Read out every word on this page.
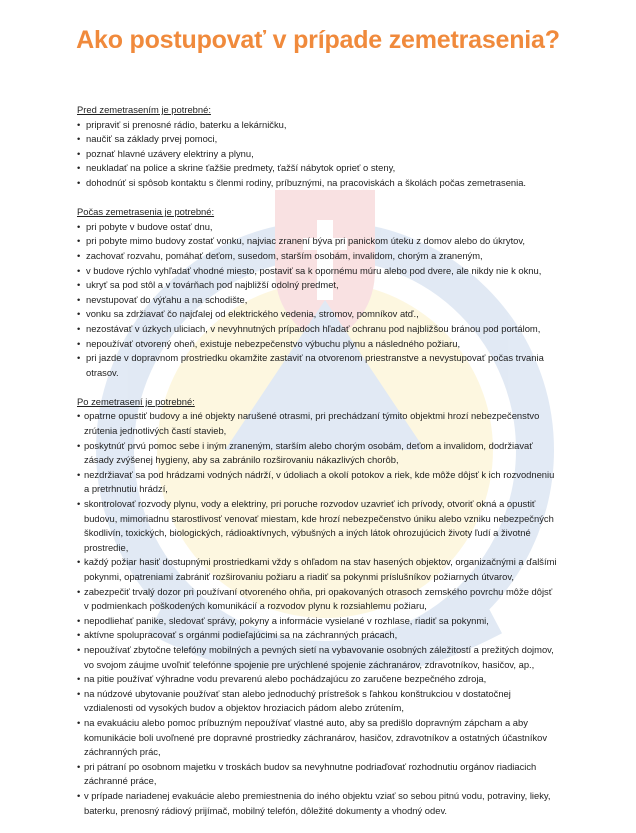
Ako postupovať v prípade zemetrasenia?
Pred zemetrasením je potrebné:
• pripraviť si prenosné rádio, baterku a lekárničku,
• naučiť sa základy prvej pomoci,
• poznať hlavné uzávery elektriny a plynu,
• neukladať na police a skrine ťažšie predmety, ťažší nábytok oprieť o steny,
• dohodnúť si spôsob kontaktu s členmi rodiny, príbuznými, na pracoviskách a školách počas zemetrasenia.
Počas zemetrasenia je potrebné:
• pri pobyte v budove ostať dnu,
• pri pobyte mimo budovy zostať vonku, najviac zranení býva pri panickom úteku z domov alebo do úkrytov,
• zachovať rozvahu, pomáhať deťom, susedom, starším osobám, invalidom, chorým a zraneným,
• v budove rýchlo vyhľadať vhodné miesto, postaviť sa k opornému múru alebo pod dvere, ale nikdy nie k oknu,
• ukryť sa pod stôl a v továrňach pod najbližší odolný predmet,
• nevstupovať do výťahu a na schodište,
• vonku sa zdržiavať čo najďalej od elektrického vedenia, stromov, pomníkov atď.,
• nezostávať v úzkych uliciach, v nevyhnutných prípadoch hľadať ochranu pod najbližšou bránou pod portálom,
• nepoužívať otvorený oheň, existuje nebezpečenstvo výbuchu plynu a následného požiaru,
• pri jazde v dopravnom prostriedku okamžite zastaviť na otvorenom priestranstve a nevystupovať počas trvania otrasov.
Po zemetrasení je potrebné:
• opatrne opustiť budovy a iné objekty narušené otrasmi, pri prechádzaní týmito objektmi hrozí nebezpečenstvo zrútenia jednotlivých častí stavieb,
• poskytnúť prvú pomoc sebe i iným zraneným, starším alebo chorým osobám, deťom a invalidom, dodržiavať zásady zvýšenej hygieny, aby sa zabránilo rozširovaniu nákazlivých chorôb,
• nezdržiavať sa pod hrádzami vodných nádrží, v údoliach a okolí potokov a riek, kde môže dôjsť k ich rozvodneniu a pretrhnutiu hrádzí,
• skontrolovať rozvody plynu, vody a elektriny, pri poruche rozvodov uzavrieť ich prívody, otvoriť okná a opustiť budovu, mimoriadnu starostlivosť venovať miestam, kde hrozí nebezpečenstvo úniku alebo vzniku nebezpečných škodlivín, toxických, biologických, rádioaktívnych, výbušných a iných látok ohrozujúcich životy ľudí a životné prostredie,
• každý požiar hasiť dostupnými prostriedkami vždy s ohľadom na stav hasených objektov, organizačnými a ďalšími pokynmi, opatreniami zabrániť rozširovaniu požiaru a riadiť sa pokynmi príslušníkov požiarnych útvarov,
• zabezpečiť trvalý dozor pri používaní otvoreného ohňa, pri opakovaných otrasoch zemského povrchu môže dôjsť v podmienkach poškodených komunikácií a rozvodov plynu k rozsiahlemu požiaru,
• nepodliehať panike, sledovať správy, pokyny a informácie vysielané v rozhlase, riadiť sa pokynmi,
• aktívne spolupracovať s orgánmi podieľajúcimi sa na záchranných prácach,
• nepoužívať zbytočne telefóny mobilných a pevných sietí na vybavovanie osobných záležitostí a prežitých dojmov, vo svojom záujme uvoľniť telefónne spojenie pre urýchlené spojenie záchranárov, zdravotníkov, hasičov, ap.,
• na pitie používať výhradne vodu prevarenú alebo pochádzajúcu zo zaručene bezpečného zdroja,
• na núdzové ubytovanie používať stan alebo jednoduchý prístrešok s ľahkou konštrukciou v dostatočnej vzdialenosti od vysokých budov a objektov hroziacich pádom alebo zrútením,
• na evakuáciu alebo pomoc príbuzným nepoužívať vlastné auto, aby sa predišlo dopravným zápcham a aby komunikácie boli uvoľnené pre dopravné prostriedky záchranárov, hasičov, zdravotníkov a ostatných účastníkov záchranných prác,
• pri pátraní po osobnom majetku v troskách budov sa nevyhnutne podriaďovať rozhodnutiu orgánov riadiacich záchranné práce,
• v prípade nariadenej evakuácie alebo premiestnenia do iného objektu vziať so sebou pitnú vodu, potraviny, lieky, baterku, prenosný rádiový prijímač, mobilný telefón, dôležité dokumenty a vhodný odev.
